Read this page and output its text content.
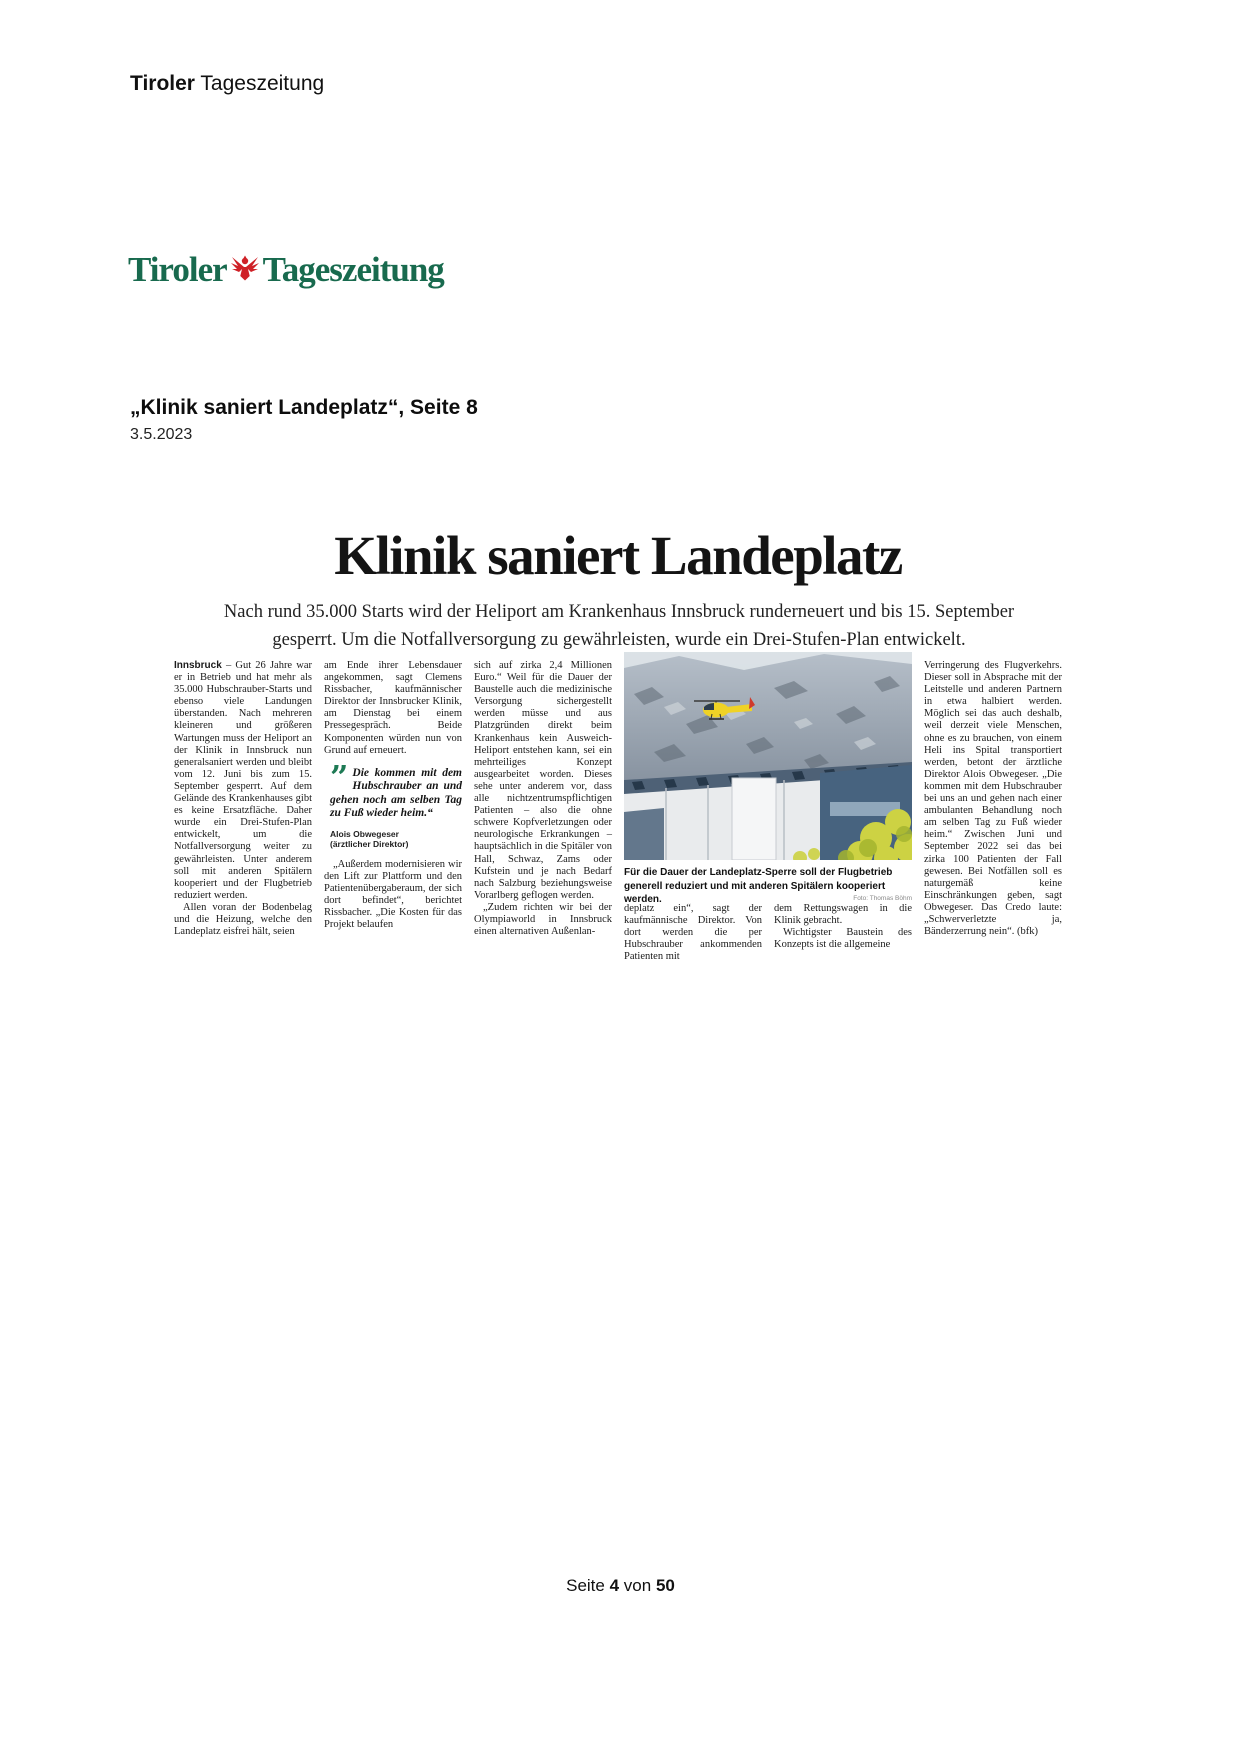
Tiroler Tageszeitung
Tiroler Tageszeitung
„Klinik saniert Landeplatz“, Seite 8
3.5.2023
Klinik saniert Landeplatz
Nach rund 35.000 Starts wird der Heliport am Krankenhaus Innsbruck runderneuert und bis 15. September gesperrt. Um die Notfallversorgung zu gewährleisten, wurde ein Drei-Stufen-Plan entwickelt.

Innsbruck – Gut 26 Jahre war er in Betrieb und hat mehr als 35.000 Hubschrauber-Starts und ebenso viele Landungen überstanden. Nach mehreren kleineren und größeren Wartungen muss der Heliport an der Klinik in Innsbruck nun generalsaniert werden und bleibt vom 12. Juni bis zum 15. September gesperrt. Auf dem Gelände des Krankenhauses gibt es keine Ersatzfläche. Daher wurde ein Drei-Stufen-Plan entwickelt, um die Notfallversorgung weiter zu gewährleisten. Unter anderem soll mit anderen Spitälern kooperiert und der Flugbetrieb reduziert werden.

Allen voran der Bodenbelag und die Heizung, welche den Landeplatz eisfrei hält, seien

am Ende ihrer Lebensdauer angekommen, sagt Clemens Rissbacher, kaufmännischer Direktor der Innsbrucker Klinik, am Dienstag bei einem Pressegespräch. Beide Komponenten würden nun von Grund auf erneuert.

” Die kommen mit dem Hubschrauber an und gehen noch am selben Tag zu Fuß wieder heim.“
Alois Obwegeser
(ärztlicher Direktor)

„Außerdem modernisieren wir den Lift zur Plattform und den Patientenübergaberaum, der sich dort befindet“, berichtet Rissbacher. „Die Kosten für das Projekt belaufen

sich auf zirka 2,4 Millionen Euro.“ Weil für die Dauer der Baustelle auch die medizinische Versorgung sichergestellt werden müsse und aus Platzgründen direkt beim Krankenhaus kein Ausweich-Heliport entstehen kann, sei ein mehrteiliges Konzept ausgearbeitet worden. Dieses sehe unter anderem vor, dass alle nichtzentrumspflichtigen Patienten – also die ohne schwere Kopfverletzungen oder neurologische Erkrankungen – hauptsächlich in die Spitäler von Hall, Schwaz, Zams oder Kufstein und je nach Bedarf nach Salzburg beziehungsweise Vorarlberg geflogen werden.

„Zudem richten wir bei der Olympiaworld in Innsbruck einen alternativen Außenlan-

Für die Dauer der Landeplatz-Sperre soll der Flugbetrieb generell reduziert und mit anderen Spitälern kooperiert werden.	Foto: Thomas Böhm

deplatz ein“, sagt der kaufmännische Direktor. Von dort werden die per Hubschrauber ankommenden Patienten mit

dem Rettungswagen in die Klinik gebracht.

Wichtigster Baustein des Konzepts ist die allgemeine

Verringerung des Flugverkehrs. Dieser soll in Absprache mit der Leitstelle und anderen Partnern in etwa halbiert werden. Möglich sei das auch deshalb, weil derzeit viele Menschen, ohne es zu brauchen, von einem Heli ins Spital transportiert werden, betont der ärztliche Direktor Alois Obwegeser. „Die kommen mit dem Hubschrauber bei uns an und gehen nach einer ambulanten Behandlung noch am selben Tag zu Fuß wieder heim.“ Zwischen Juni und September 2022 sei das bei zirka 100 Patienten der Fall gewesen. Bei Notfällen soll es naturgemäß keine Einschränkungen geben, sagt Obwegeser. Das Credo laute: „Schwerverletzte ja, Bänderzerrung nein“. (bfk)

Seite 4 von 50
